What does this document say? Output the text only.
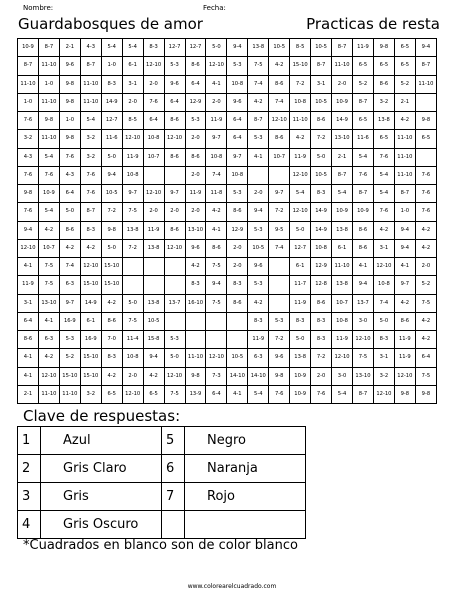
Nombre:	Fecha:
Guardabosques de amor	Practicas de resta
10-9	8-7	2-1	4-3	5-4	5-4	8-3	12-7	12-7	5-0	9-4	13-8	10-5	8-5	10-5	8-7	11-9	9-8	6-5	9-4
8-7	11-10	9-6	8-7	1-0	6-1	12-10	5-3	8-6	12-10	5-3	7-5	4-2	15-10	8-7	11-10	6-5	6-5	6-5	8-7
11-10	1-0	9-8	11-10	8-3	3-1	2-0	9-6	6-4	4-1	10-8	7-4	8-6	7-2	3-1	2-0	5-2	8-6	5-2	11-10
1-0	11-10	9-8	11-10	14-9	2-0	7-6	6-4	12-9	2-0	9-6	4-2	7-4	10-8	10-5	10-9	8-7	3-2	2-1	
7-6	9-8	1-0	5-4	12-7	8-5	6-4	8-6	5-3	11-9	6-4	8-7	12-10	11-10	8-6	14-9	6-5	13-8	4-2	9-8
3-2	11-10	9-8	3-2	11-6	12-10	10-8	12-10	2-0	9-7	6-4	5-3	8-6	4-2	7-2	13-10	11-6	6-5	11-10	6-5
4-3	5-4	7-6	3-2	5-0	11-9	10-7	8-6	8-6	10-8	9-7	4-1	10-7	11-9	5-0	2-1	5-4	7-6	11-10	
7-6	7-6	4-3	7-6	9-4	10-8			2-0	7-4	10-8			12-10	10-5	8-7	7-6	5-4	11-10	7-6
9-8	10-9	6-4	7-6	10-5	9-7	12-10	9-7	11-9	11-8	5-3	2-0	9-7	5-4	8-3	5-4	8-7	5-4	8-7	7-6
7-6	5-4	5-0	8-7	7-2	7-5	2-0	2-0	2-0	4-2	8-6	9-4	7-2	12-10	14-9	10-9	10-9	7-6	1-0	7-6
9-4	4-2	8-6	8-3	9-8	13-8	11-9	8-6	13-10	4-1	12-9	5-3	9-5	5-0	14-9	13-8	8-6	4-2	9-4	4-2
12-10	10-7	4-2	4-2	5-0	7-2	13-8	12-10	9-6	8-6	2-0	10-5	7-4	12-7	10-8	6-1	8-6	3-1	9-4	4-2
4-1	7-5	7-4	12-10	15-10				4-2	7-5	2-0	9-6		6-1	12-9	11-10	4-1	12-10	4-1	2-0
11-9	7-5	6-3	15-10	15-10				8-3	9-4	8-3	5-3		11-7	12-8	13-8	9-4	10-8	9-7	5-2
3-1	13-10	9-7	14-9	4-2	5-0	13-8	13-7	16-10	7-5	8-6	4-2		11-9	8-6	10-7	13-7	7-4	4-2	7-5
6-4	4-1	16-9	6-1	8-6	7-5	10-5					8-3	5-3	8-3	8-3	10-8	3-0	5-0	8-6	4-2
8-6	6-3	5-3	16-9	7-0	11-4	15-8	5-3				11-9	7-2	5-0	8-3	11-9	12-10	8-3	11-9	4-2
4-1	4-2	5-2	15-10	8-3	10-8	9-4	5-0	11-10	12-10	10-5	6-3	9-6	13-8	7-2	12-10	7-5	3-1	11-9	6-4
4-1	12-10	15-10	15-10	4-2	2-0	4-2	12-10	9-8	7-3	14-10	14-10	9-8	10-9	2-0	3-0	13-10	3-2	12-10	7-5
2-1	11-10	11-10	3-2	6-5	12-10	6-5	7-5	13-9	6-4	4-1	5-4	7-6	10-9	7-6	5-4	8-7	12-10	9-8	9-8
Clave de respuestas:
1	Azul	5	Negro
2	Gris Claro	6	Naranja
3	Gris	7	Rojo
4	Gris Oscuro		
*Cuadrados en blanco son de color blanco
www.colorearelcuadrado.com
